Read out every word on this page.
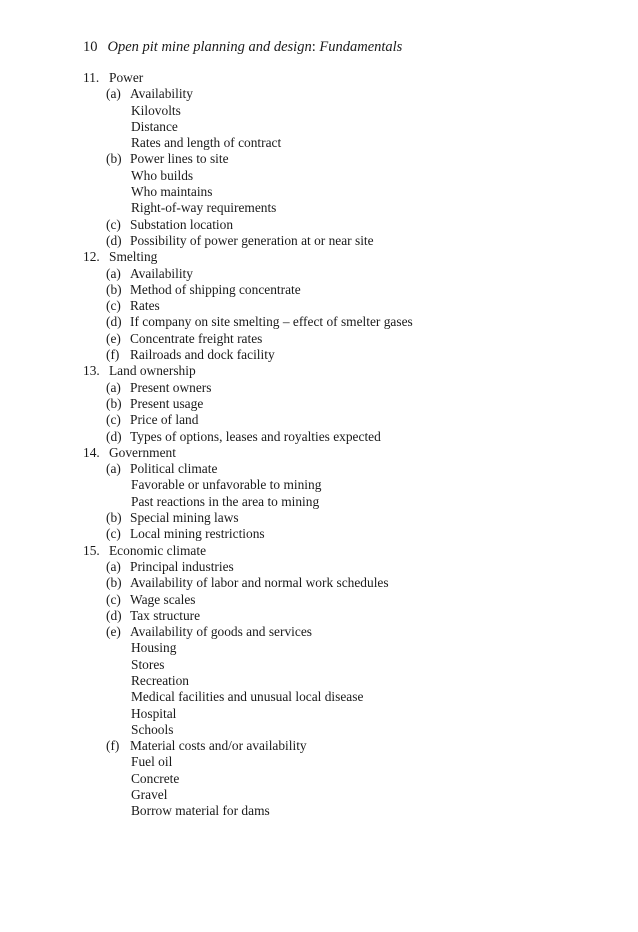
10 Open pit mine planning and design: Fundamentals
11. Power
(a) Availability
Kilovolts
Distance
Rates and length of contract
(b) Power lines to site
Who builds
Who maintains
Right-of-way requirements
(c) Substation location
(d) Possibility of power generation at or near site
12. Smelting
(a) Availability
(b) Method of shipping concentrate
(c) Rates
(d) If company on site smelting – effect of smelter gases
(e) Concentrate freight rates
(f) Railroads and dock facility
13. Land ownership
(a) Present owners
(b) Present usage
(c) Price of land
(d) Types of options, leases and royalties expected
14. Government
(a) Political climate
Favorable or unfavorable to mining
Past reactions in the area to mining
(b) Special mining laws
(c) Local mining restrictions
15. Economic climate
(a) Principal industries
(b) Availability of labor and normal work schedules
(c) Wage scales
(d) Tax structure
(e) Availability of goods and services
Housing
Stores
Recreation
Medical facilities and unusual local disease
Hospital
Schools
(f) Material costs and/or availability
Fuel oil
Concrete
Gravel
Borrow material for dams
